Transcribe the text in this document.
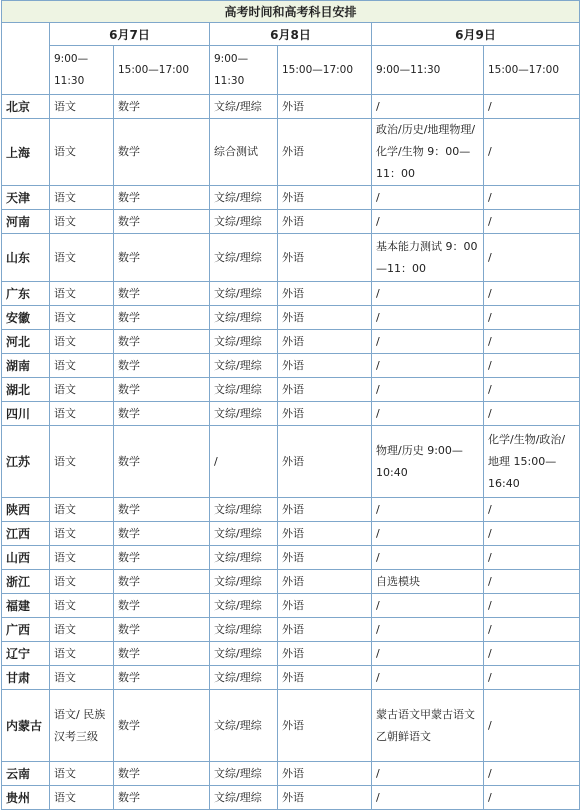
高考时间和高考科目安排						
	6月7日		6月8日		6月9日	
	9:00—11:30	15:00—17:00	9:00—11:30	15:00—17:00	9:00—11:30	15:00—17:00
北京	语文	数学	文综/理综	外语	/	/
上海	语文	数学	综合测试	外语	政治/历史/地理物理/化学/生物 9：00—11：00	/
天津	语文	数学	文综/理综	外语	/	/
河南	语文	数学	文综/理综	外语	/	/
山东	语文	数学	文综/理综	外语	基本能力测试 9：00—11：00	/
广东	语文	数学	文综/理综	外语	/	/
安徽	语文	数学	文综/理综	外语	/	/
河北	语文	数学	文综/理综	外语	/	/
湖南	语文	数学	文综/理综	外语	/	/
湖北	语文	数学	文综/理综	外语	/	/
四川	语文	数学	文综/理综	外语	/	/
江苏	语文	数学	/	外语	物理/历史 9:00—10:40	化学/生物/政治/地理 15:00—16:40
陕西	语文	数学	文综/理综	外语	/	/
江西	语文	数学	文综/理综	外语	/	/
山西	语文	数学	文综/理综	外语	/	/
浙江	语文	数学	文综/理综	外语	自选模块	/
福建	语文	数学	文综/理综	外语	/	/
广西	语文	数学	文综/理综	外语	/	/
辽宁	语文	数学	文综/理综	外语	/	/
甘肃	语文	数学	文综/理综	外语	/	/
内蒙古	语文/ 民族汉考三级	数学	文综/理综	外语	蒙古语文甲蒙古语文乙朝鲜语文	/
云南	语文	数学	文综/理综	外语	/	/
贵州	语文	数学	文综/理综	外语	/	/
